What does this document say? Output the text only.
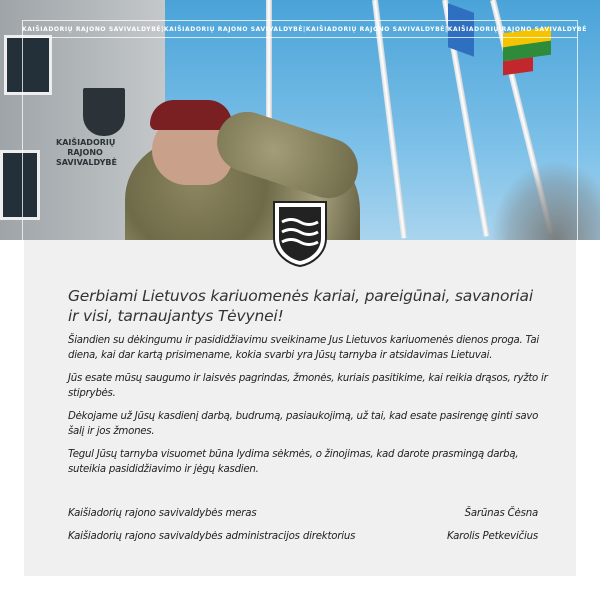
KAIŠIADORIŲ
RAJONO
SAVIVALDYBĖ
KAIŠIADORIŲ RAJONO SAVIVALDYBĖ | KAIŠIADORIŲ RAJONO SAVIVALDYBĖ | KAIŠIADORIŲ RAJONO SAVIVALDYBĖ | KAIŠIADORIŲ RAJONO SAVIVALDYBĖ
Gerbiami Lietuvos kariuomenės kariai, pareigūnai, savanoriai ir visi, tarnaujantys Tėvynei!
Šiandien su dėkingumu ir pasididžiavimu sveikiname Jus Lietuvos kariuomenės dienos proga. Tai diena, kai dar kartą prisimename, kokia svarbi yra Jūsų tarnyba ir atsidavimas Lietuvai.
Jūs esate mūsų saugumo ir laisvės pagrindas, žmonės, kuriais pasitikime, kai reikia drąsos, ryžto ir stiprybės.
Dėkojame už Jūsų kasdienį darbą, budrumą, pasiaukojimą, už tai, kad esate pasirengę ginti savo šalį ir jos žmones.
Tegul Jūsų tarnyba visuomet būna lydima sėkmės, o žinojimas, kad darote prasmingą darbą, suteikia pasididžiavimo ir jėgų kasdien.
Kaišiadorių rajono savivaldybės meras	Šarūnas Čėsna
Kaišiadorių rajono savivaldybės administracijos direktorius	Karolis Petkevičius
